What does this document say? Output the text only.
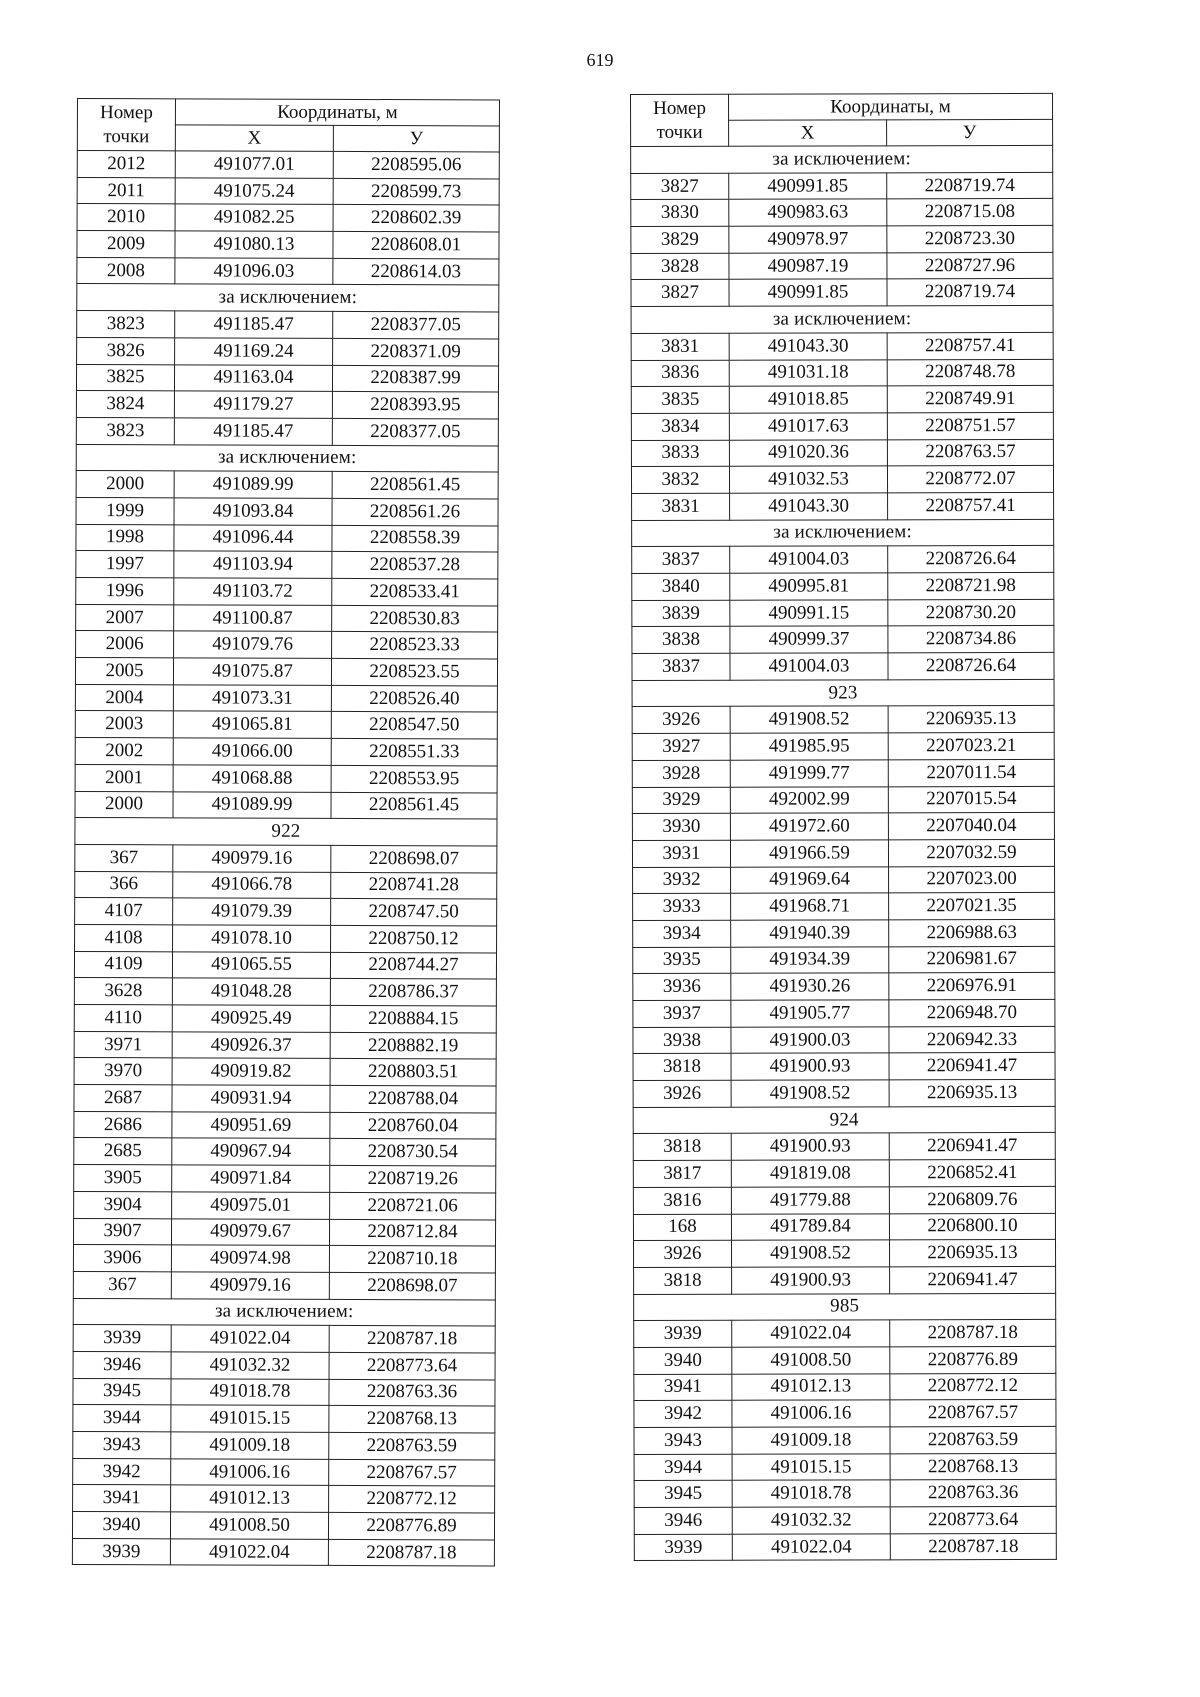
619
Номер
точки	Координаты, м	
	Х	У
2012	491077.01	2208595.06
2011	491075.24	2208599.73
2010	491082.25	2208602.39
2009	491080.13	2208608.01
2008	491096.03	2208614.03
за исключением:		
3823	491185.47	2208377.05
3826	491169.24	2208371.09
3825	491163.04	2208387.99
3824	491179.27	2208393.95
3823	491185.47	2208377.05
за исключением:		
2000	491089.99	2208561.45
1999	491093.84	2208561.26
1998	491096.44	2208558.39
1997	491103.94	2208537.28
1996	491103.72	2208533.41
2007	491100.87	2208530.83
2006	491079.76	2208523.33
2005	491075.87	2208523.55
2004	491073.31	2208526.40
2003	491065.81	2208547.50
2002	491066.00	2208551.33
2001	491068.88	2208553.95
2000	491089.99	2208561.45
922		
367	490979.16	2208698.07
366	491066.78	2208741.28
4107	491079.39	2208747.50
4108	491078.10	2208750.12
4109	491065.55	2208744.27
3628	491048.28	2208786.37
4110	490925.49	2208884.15
3971	490926.37	2208882.19
3970	490919.82	2208803.51
2687	490931.94	2208788.04
2686	490951.69	2208760.04
2685	490967.94	2208730.54
3905	490971.84	2208719.26
3904	490975.01	2208721.06
3907	490979.67	2208712.84
3906	490974.98	2208710.18
367	490979.16	2208698.07
за исключением:		
3939	491022.04	2208787.18
3946	491032.32	2208773.64
3945	491018.78	2208763.36
3944	491015.15	2208768.13
3943	491009.18	2208763.59
3942	491006.16	2208767.57
3941	491012.13	2208772.12
3940	491008.50	2208776.89
3939	491022.04	2208787.18
Номер
точки	Координаты, м	
	Х	У
за исключением:		
3827	490991.85	2208719.74
3830	490983.63	2208715.08
3829	490978.97	2208723.30
3828	490987.19	2208727.96
3827	490991.85	2208719.74
за исключением:		
3831	491043.30	2208757.41
3836	491031.18	2208748.78
3835	491018.85	2208749.91
3834	491017.63	2208751.57
3833	491020.36	2208763.57
3832	491032.53	2208772.07
3831	491043.30	2208757.41
за исключением:		
3837	491004.03	2208726.64
3840	490995.81	2208721.98
3839	490991.15	2208730.20
3838	490999.37	2208734.86
3837	491004.03	2208726.64
923		
3926	491908.52	2206935.13
3927	491985.95	2207023.21
3928	491999.77	2207011.54
3929	492002.99	2207015.54
3930	491972.60	2207040.04
3931	491966.59	2207032.59
3932	491969.64	2207023.00
3933	491968.71	2207021.35
3934	491940.39	2206988.63
3935	491934.39	2206981.67
3936	491930.26	2206976.91
3937	491905.77	2206948.70
3938	491900.03	2206942.33
3818	491900.93	2206941.47
3926	491908.52	2206935.13
924		
3818	491900.93	2206941.47
3817	491819.08	2206852.41
3816	491779.88	2206809.76
168	491789.84	2206800.10
3926	491908.52	2206935.13
3818	491900.93	2206941.47
985		
3939	491022.04	2208787.18
3940	491008.50	2208776.89
3941	491012.13	2208772.12
3942	491006.16	2208767.57
3943	491009.18	2208763.59
3944	491015.15	2208768.13
3945	491018.78	2208763.36
3946	491032.32	2208773.64
3939	491022.04	2208787.18
